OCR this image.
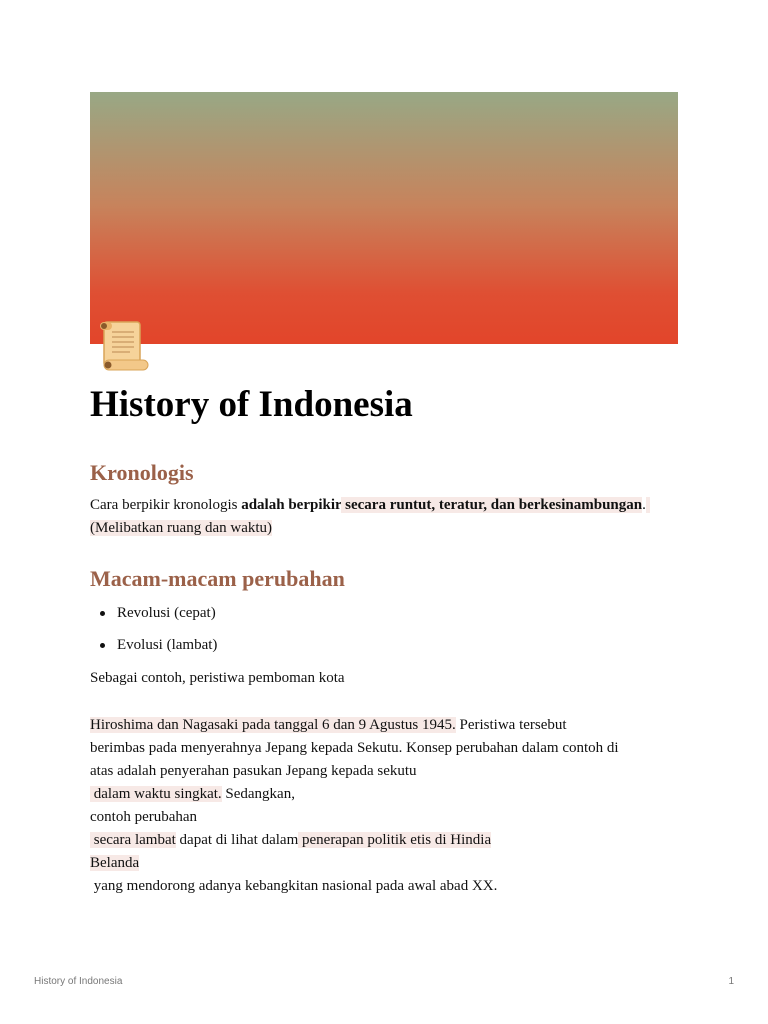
History of Indonesia
Kronologis

Cara berpikir kronologis adalah berpikir secara runtut, teratur, dan berkesinambungan.
(Melibatkan ruang dan waktu)

Macam-macam perubahan
Revolusi (cepat)
Evolusi (lambat)

Sebagai contoh, peristiwa pemboman kota

Hiroshima dan Nagasaki pada tanggal 6 dan 9 Agustus 1945. Peristiwa tersebut
berimbas pada menyerahnya Jepang kepada Sekutu. Konsep perubahan dalam contoh di
atas adalah penyerahan pasukan Jepang kepada sekutu
dalam waktu singkat. Sedangkan,
contoh perubahan
secara lambat dapat di lihat dalam penerapan politik etis di Hindia
Belanda
yang mendorong adanya kebangkitan nasional pada awal abad XX.

History of Indonesia	1
